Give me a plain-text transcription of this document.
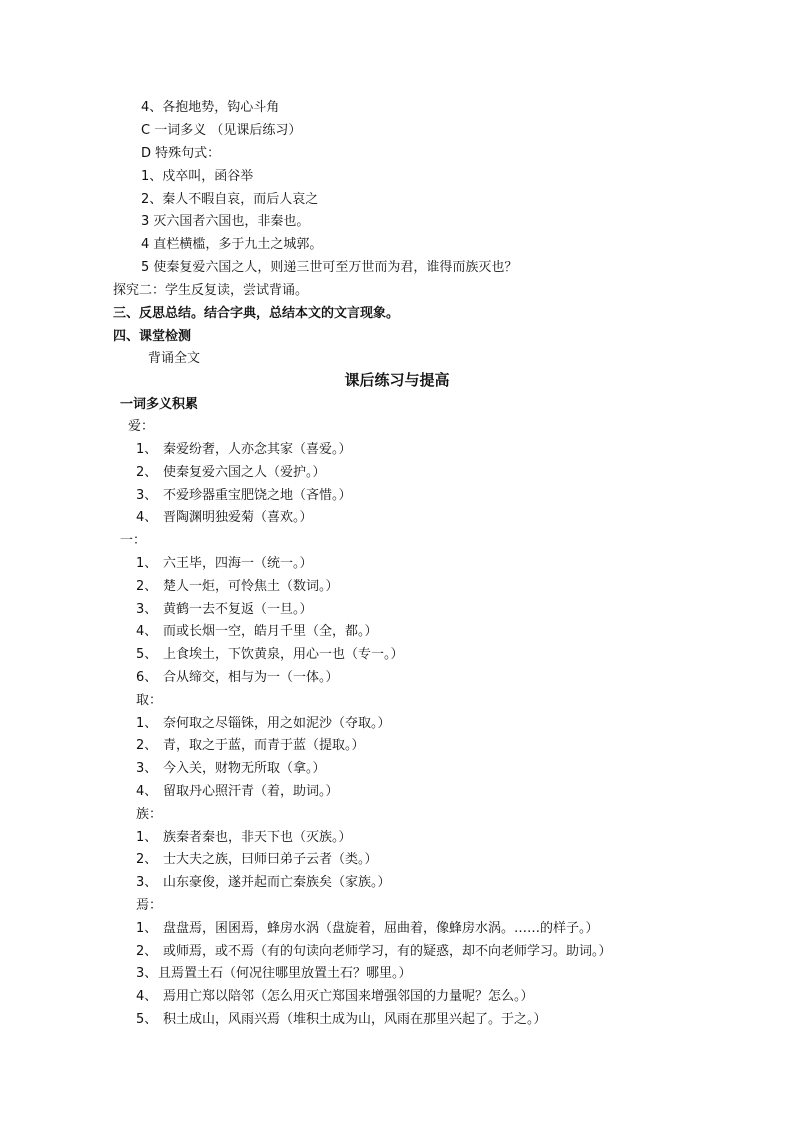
4、各抱地势，钩心斗角
C 一词多义 （见课后练习）
D 特殊句式：
1、戍卒叫，函谷举
2、秦人不暇自哀，而后人哀之
3 灭六国者六国也，非秦也。
4 直栏横槛，多于九土之城郭。
5 使秦复爱六国之人，则递三世可至万世而为君，谁得而族灭也？
探究二：学生反复读，尝试背诵。
三、反思总结。结合字典，总结本文的文言现象。
四、课堂检测
背诵全文
课后练习与提高
一词多义积累
爱：
1、 秦爱纷奢，人亦念其家（喜爱。）
2、 使秦复爱六国之人（爱护。）
3、 不爱珍器重宝肥饶之地（吝惜。）
4、 晋陶渊明独爱菊（喜欢。）
一：
1、 六王毕，四海一（统一。）
2、 楚人一炬，可怜焦土（数词。）
3、 黄鹤一去不复返（一旦。）
4、 而或长烟一空，皓月千里（全，都。）
5、 上食埃土，下饮黄泉，用心一也（专一。）
6、 合从缔交，相与为一（一体。）
取：
1、 奈何取之尽锱铢，用之如泥沙（夺取。）
2、 青，取之于蓝，而青于蓝（提取。）
3、 今入关，财物无所取（拿。）
4、 留取丹心照汗青（着，助词。）
族：
1、 族秦者秦也，非天下也（灭族。）
2、 士大夫之族，曰师曰弟子云者（类。）
3、 山东豪俊，遂并起而亡秦族矣（家族。）
焉：
1、 盘盘焉，囷囷焉，蜂房水涡（盘旋着，屈曲着，像蜂房水涡。……的样子。）
2、 或师焉，或不焉（有的句读向老师学习，有的疑惑，却不向老师学习。助词。）
3、且焉置土石（何况往哪里放置土石？哪里。）
4、 焉用亡郑以陪邻（怎么用灭亡郑国来增强邻国的力量呢？怎么。）
5、 积土成山，风雨兴焉（堆积土成为山，风雨在那里兴起了。于之。）
